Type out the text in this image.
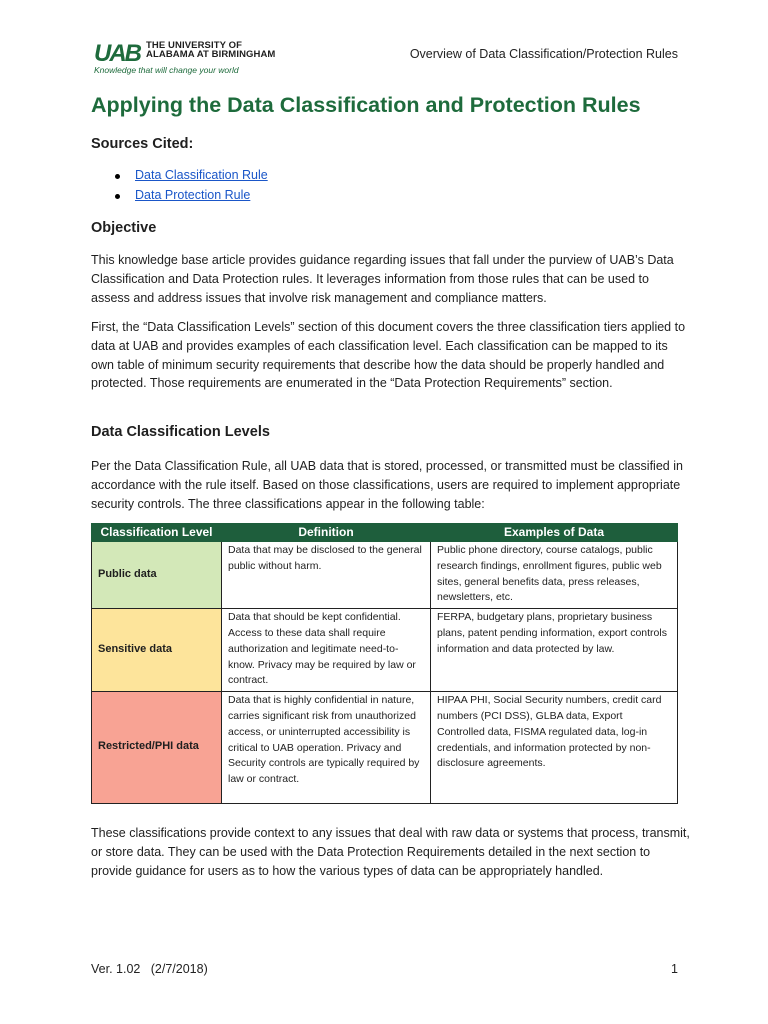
UAB THE UNIVERSITY OF
ALABAMA AT BIRMINGHAM
Knowledge that will change your world
Overview of Data Classification/Protection Rules
Applying the Data Classification and Protection Rules
Sources Cited:
Data Classification Rule
Data Protection Rule
Objective

This knowledge base article provides guidance regarding issues that fall under the purview of UAB’s Data Classification and Data Protection rules. It leverages information from those rules that can be used to assess and address issues that involve risk management and compliance matters.

First, the “Data Classification Levels” section of this document covers the three classification tiers applied to data at UAB and provides examples of each classification level. Each classification can be mapped to its own table of minimum security requirements that describe how the data should be properly handled and protected. Those requirements are enumerated in the “Data Protection Requirements” section.

Data Classification Levels

Per the Data Classification Rule, all UAB data that is stored, processed, or transmitted must be classified in accordance with the rule itself. Based on those classifications, users are required to implement appropriate security controls. The three classifications appear in the following table:

Classification Level	Definition	Examples of Data
Public data	Data that may be disclosed to the general public without harm.	Public phone directory, course catalogs, public research findings, enrollment figures, public web sites, general benefits data, press releases, newsletters, etc.
Sensitive data	Data that should be kept confidential. Access to these data shall require authorization and legitimate need-to-know. Privacy may be required by law or contract.	FERPA, budgetary plans, proprietary business plans, patent pending information, export controls information and data protected by law.
Restricted/PHI data	Data that is highly confidential in nature, carries significant risk from unauthorized access, or uninterrupted accessibility is critical to UAB operation. Privacy and Security controls are typically required by law or contract.	HIPAA PHI, Social Security numbers, credit card numbers (PCI DSS), GLBA data, Export Controlled data, FISMA regulated data, log-in credentials, and information protected by non-disclosure agreements.

These classifications provide context to any issues that deal with raw data or systems that process, transmit, or store data. They can be used with the Data Protection Requirements detailed in the next section to provide guidance for users as to how the various types of data can be appropriately handled.

Ver. 1.02   (2/7/2018)	1
